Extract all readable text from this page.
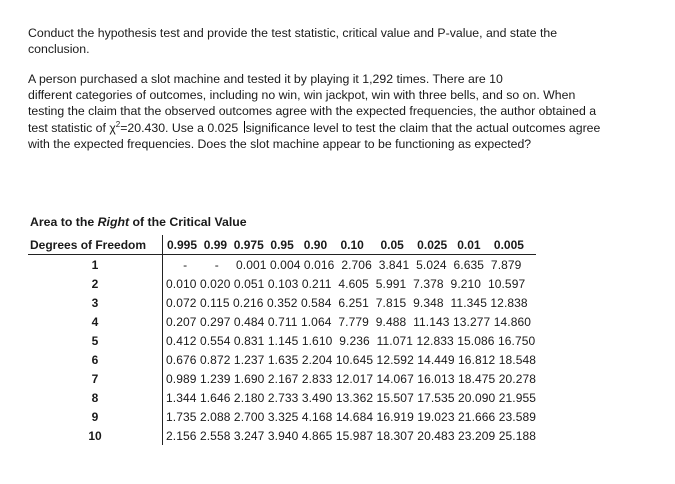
Conduct the hypothesis test and provide the test statistic, critical value and P-value, and state the
conclusion.

A person purchased a slot machine and tested it by playing it 1,292 times. There are 10
different categories of outcomes, including no win, win jackpot, win with three bells, and so on. When
testing the claim that the observed outcomes agree with the expected frequencies, the author obtained a
test statistic of $\chi^2=20.430$. Use a 0.025 significance level to test the claim that the actual outcomes agree
with the expected frequencies. Does the slot machine appear to be functioning as expected?

Area to the Right of the Critical Value

Degrees of Freedom	0.995  0.99  0.975  0.95   0.90    0.10     0.05    0.025   0.01    0.005
1	-        -     0.001 0.004 0.016  2.706  3.841  5.024  6.635  7.879
2	0.010 0.020 0.051 0.103 0.211  4.605  5.991  7.378  9.210  10.597
3	0.072 0.115 0.216 0.352 0.584  6.251  7.815  9.348  11.345 12.838
4	0.207 0.297 0.484 0.711 1.064  7.779  9.488  11.143 13.277 14.860
5	0.412 0.554 0.831 1.145 1.610  9.236  11.071 12.833 15.086 16.750
6	0.676 0.872 1.237 1.635 2.204 10.645 12.592 14.449 16.812 18.548
7	0.989 1.239 1.690 2.167 2.833 12.017 14.067 16.013 18.475 20.278
8	1.344 1.646 2.180 2.733 3.490 13.362 15.507 17.535 20.090 21.955
9	1.735 2.088 2.700 3.325 4.168 14.684 16.919 19.023 21.666 23.589
10	2.156 2.558 3.247 3.940 4.865 15.987 18.307 20.483 23.209 25.188
